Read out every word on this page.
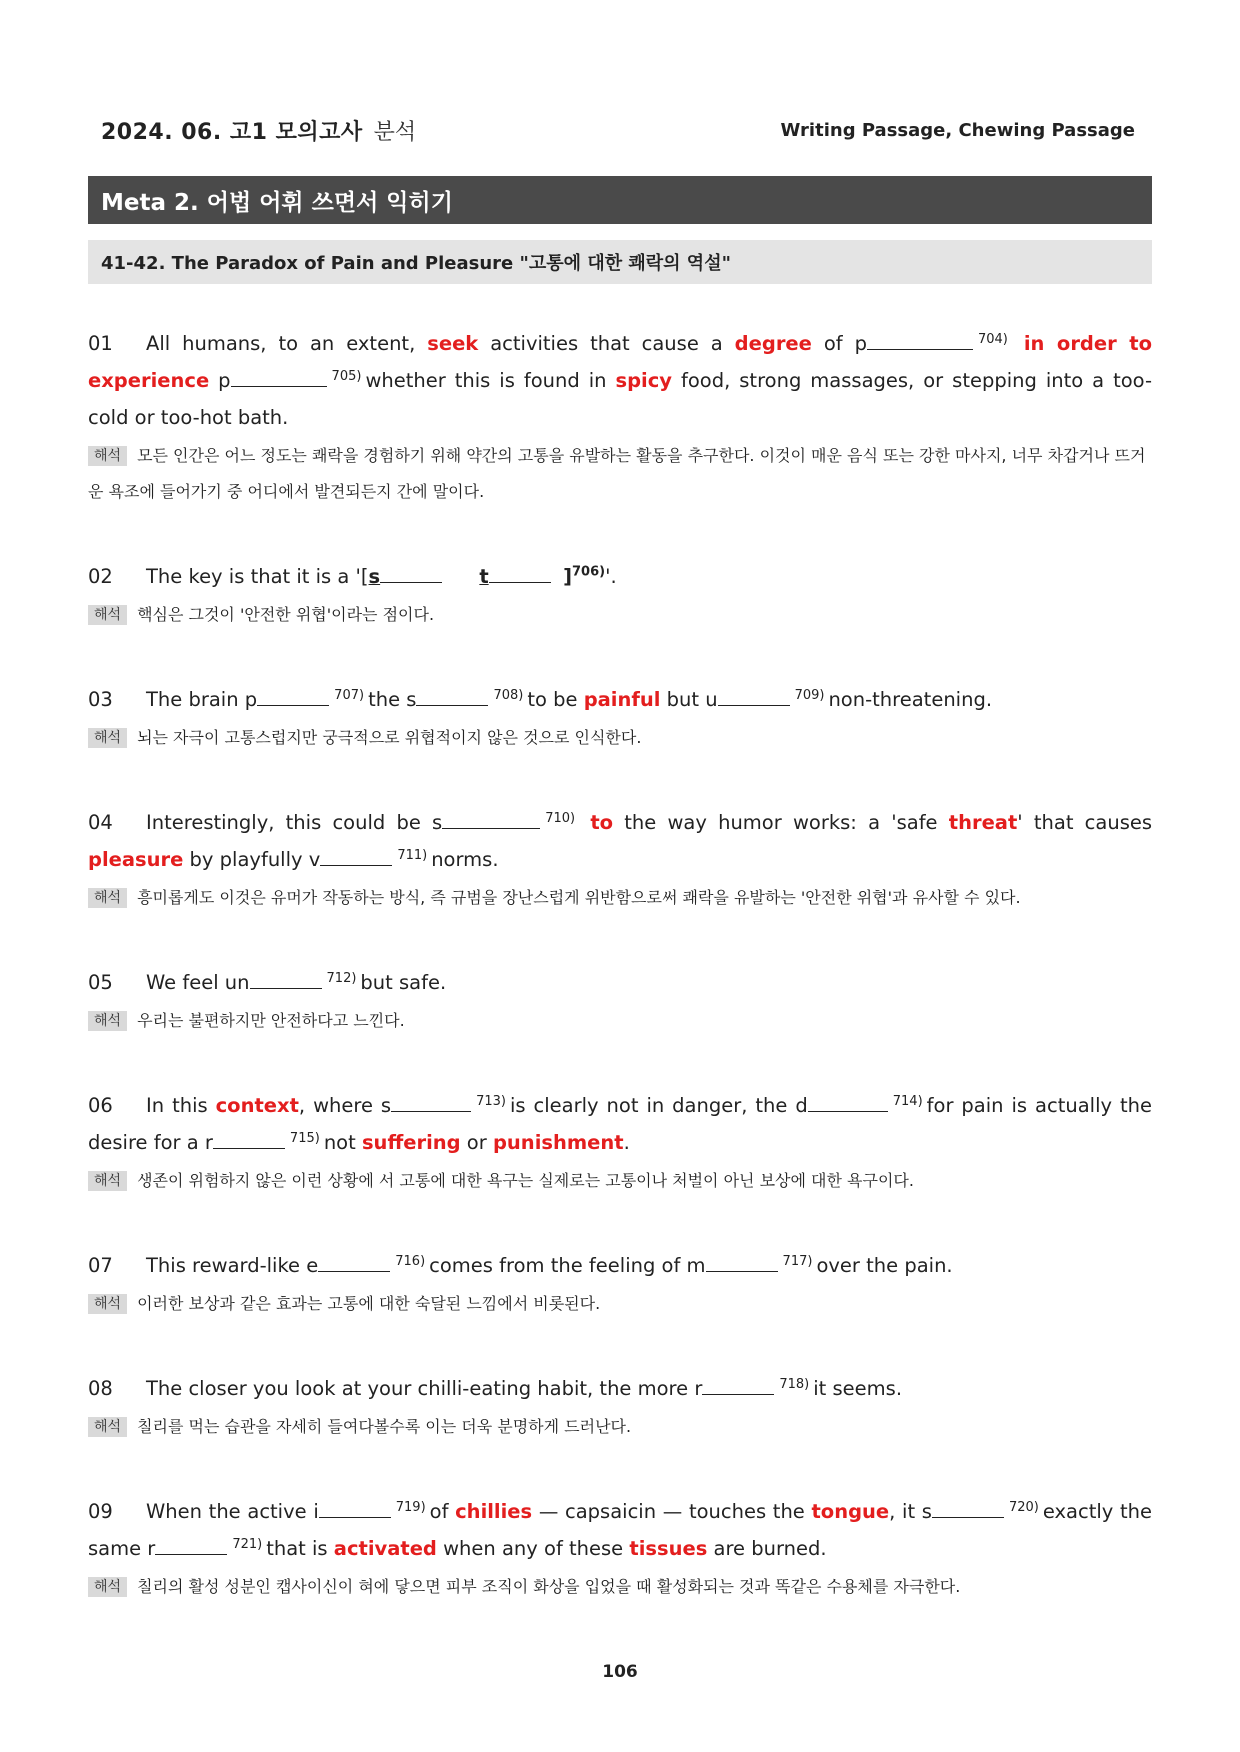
2024. 06. 고1 모의고사 분석	Writing Passage, Chewing Passage
Meta 2. 어법 어휘 쓰면서 익히기
41-42. The Paradox of Pain and Pleasure "고통에 대한 쾌락의 역설"
01 All humans, to an extent, seek activities that cause a degree of p	$^{704)}$ in order to experience p	$^{705)}$ whether this is found in spicy food, strong massages, or stepping into a too-cold or too-hot bath.
해석 모든 인간은 어느 정도는 쾌락을 경험하기 위해 약간의 고통을 유발하는 활동을 추구한다. 이것이 매운 음식 또는 강한 마사지, 너무 차갑거나 뜨거운 욕조에 들어가기 중 어디에서 발견되든지 간에 말이다.
02 The key is that it is a '[s	t	]$^{706)}$'.
해석 핵심은 그것이 '안전한 위협'이라는 점이다.
03 The brain p	$^{707)}$ the s	$^{708)}$ to be painful but u	$^{709)}$ non-threatening.
해석 뇌는 자극이 고통스럽지만 궁극적으로 위협적이지 않은 것으로 인식한다.
04 Interestingly, this could be s	$^{710)}$ to the way humor works: a 'safe threat' that causes pleasure by playfully v	$^{711)}$ norms.
해석 흥미롭게도 이것은 유머가 작동하는 방식, 즉 규범을 장난스럽게 위반함으로써 쾌락을 유발하는 '안전한 위협'과 유사할 수 있다.
05 We feel un	$^{712)}$ but safe.
해석 우리는 불편하지만 안전하다고 느낀다.
06 In this context, where s	$^{713)}$ is clearly not in danger, the d	$^{714)}$ for pain is actually the desire for a r	$^{715)}$ not suffering or punishment.
해석 생존이 위험하지 않은 이런 상황에 서 고통에 대한 욕구는 실제로는 고통이나 처벌이 아닌 보상에 대한 욕구이다.
07 This reward-like e	$^{716)}$ comes from the feeling of m	$^{717)}$ over the pain.
해석 이러한 보상과 같은 효과는 고통에 대한 숙달된 느낌에서 비롯된다.
08 The closer you look at your chilli-eating habit, the more r	$^{718)}$ it seems.
해석 칠리를 먹는 습관을 자세히 들여다볼수록 이는 더욱 분명하게 드러난다.
09 When the active i	$^{719)}$ of chillies — capsaicin — touches the tongue, it s	$^{720)}$ exactly the same r	$^{721)}$ that is activated when any of these tissues are burned.
해석 칠리의 활성 성분인 캡사이신이 혀에 닿으면 피부 조직이 화상을 입었을 때 활성화되는 것과 똑같은 수용체를 자극한다.
106
